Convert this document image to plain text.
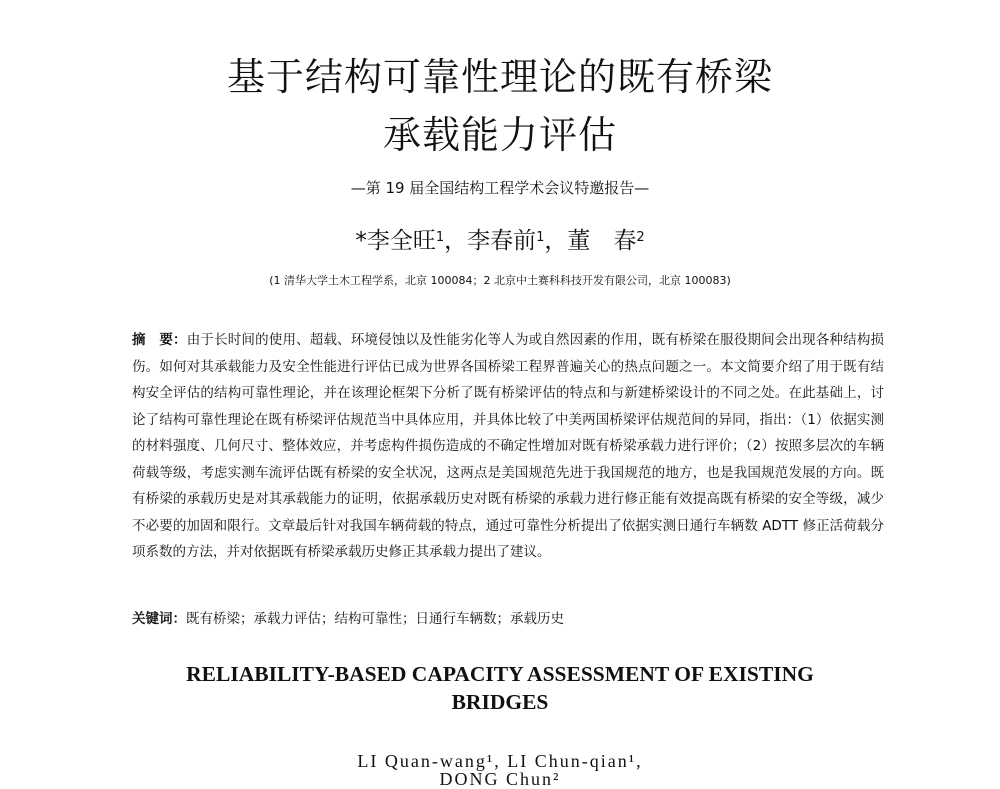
基于结构可靠性理论的既有桥梁
承载能力评估
—第 19 届全国结构工程学术会议特邀报告—
*李全旺$^1$，李春前$^1$，董　春$^2$
(1 清华大学土木工程学系，北京 100084；2 北京中土赛科科技开发有限公司，北京 100083)
摘　要：由于长时间的使用、超载、环境侵蚀以及性能劣化等人为或自然因素的作用，既有桥梁在服役期间会出现各种结构损伤。如何对其承载能力及安全性能进行评估已成为世界各国桥梁工程界普遍关心的热点问题之一。本文简要介绍了用于既有结构安全评估的结构可靠性理论，并在该理论框架下分析了既有桥梁评估的特点和与新建桥梁设计的不同之处。在此基础上，讨论了结构可靠性理论在既有桥梁评估规范当中具体应用，并具体比较了中美两国桥梁评估规范间的异同，指出：（1）依据实测的材料强度、几何尺寸、整体效应，并考虑构件损伤造成的不确定性增加对既有桥梁承载力进行评价；（2）按照多层次的车辆荷载等级，考虑实测车流评估既有桥梁的安全状况，这两点是美国规范先进于我国规范的地方，也是我国规范发展的方向。既有桥梁的承载历史是对其承载能力的证明，依据承载历史对既有桥梁的承载力进行修正能有效提高既有桥梁的安全等级，减少不必要的加固和限行。文章最后针对我国车辆荷载的特点，通过可靠性分析提出了依据实测日通行车辆数 ADTT 修正活荷载分项系数的方法，并对依据既有桥梁承载历史修正其承载力提出了建议。
关键词：既有桥梁；承载力评估；结构可靠性；日通行车辆数；承载历史
RELIABILITY-BASED CAPACITY ASSESSMENT OF EXISTING
BRIDGES
LI Quan-wang¹, LI Chun-qian¹, DONG Chun²
